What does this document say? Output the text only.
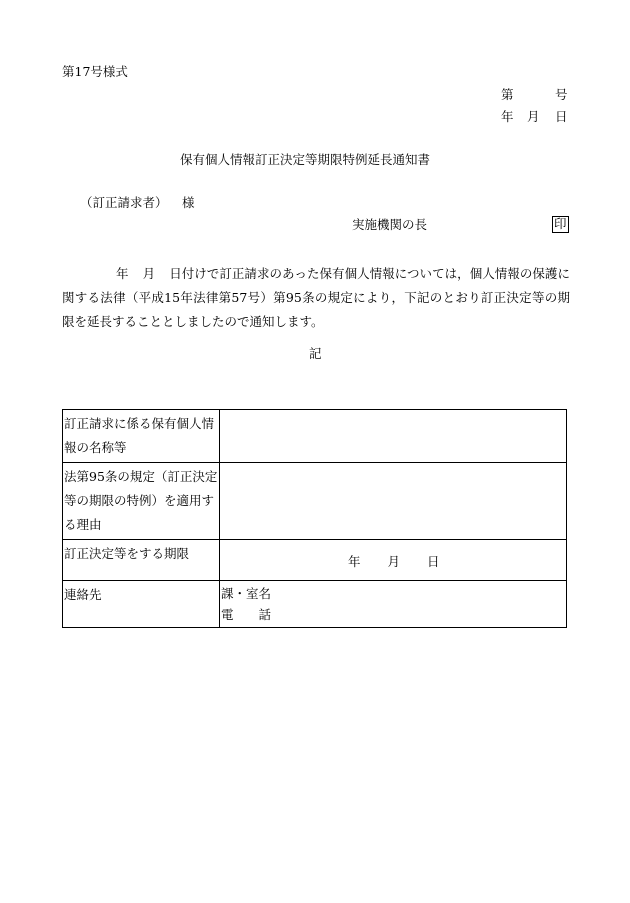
第17号様式
第	号
年 月 日
保有個人情報訂正決定等期限特例延長通知書
（訂正請求者） 様
実施機関の長	印
年 月 日付けで訂正請求のあった保有個人情報については，個人情報の保護に関する法律（平成15年法律第57号）第95条の規定により，下記のとおり訂正決定等の期限を延長することとしましたので通知します。
記
訂正請求に係る保有個人情報の名称等	
法第95条の規定（訂正決定等の期限の特例）を適用する理由	
訂正決定等をする期限	年 月 日
連絡先	課・室名
電 話
